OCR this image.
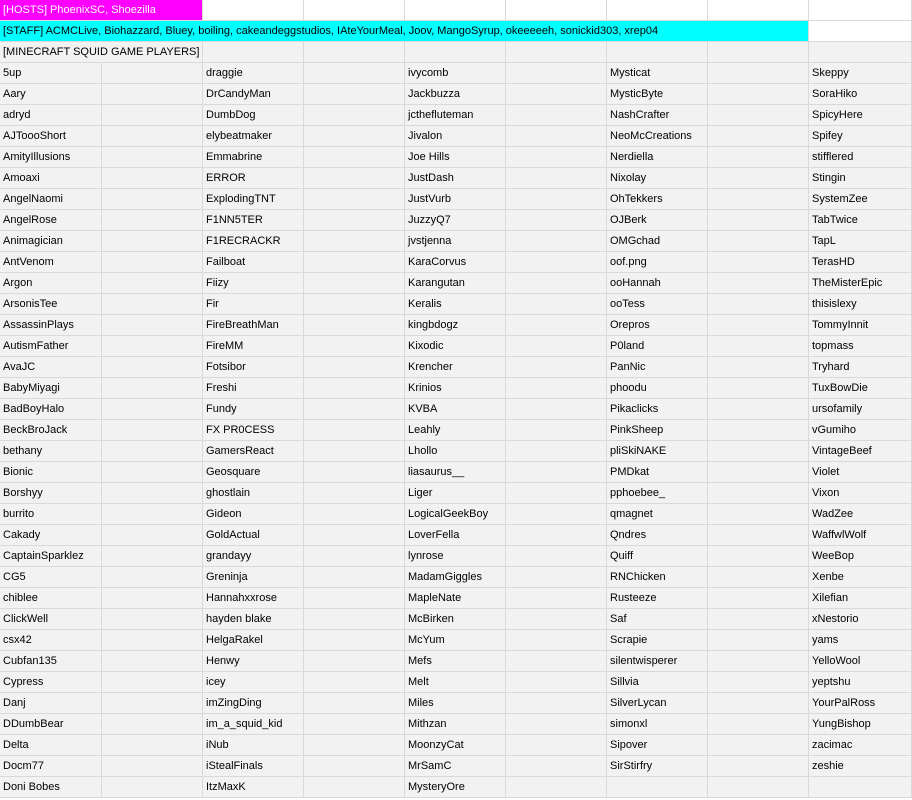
[HOSTS] PhoenixSC, Shoezilla
[STAFF] ACMCLive, Biohazzard, Bluey, boiling, cakeandeggstudios, IAteYourMeal, Joov, MangoSyrup, okeeeeeh, sonickid303, xrep04
[MINECRAFT SQUID GAME PLAYERS]
5up	draggie	ivycomb	Mysticat	Skeppy
Aary	DrCandyMan	Jackbuzza	MysticByte	SoraHiko
adryd	DumbDog	jctheflutеman	NashCrafter	SpicyHere
AJToooShort	elybeatmaker	Jivalon	NeoMcCreations	Spifey
AmityIllusions	Emmabrine	Joe Hills	Nerdiella	stifflered
Amoaxi	ERROR	JustDash	Nixolay	Stingin
AngelNaomi	ExplodingTNT	JustVurb	OhTekkers	SystemZee
AngelRose	F1NN5TER	JuzzyQ7	OJBerk	TabTwice
Animagician	F1RECRACKR	jvstjenna	OMGchad	TapL
AntVenom	Failboat	KaraCorvus	oof.png	TerasHD
Argon	Fiizy	Karangutan	ooHannah	TheMisterEpic
ArsonisTee	Fir	Keralis	ooTess	thisislexy
AssassinPlays	FireBreathMan	kingbdogz	Orepros	TommyInnit
AutismFather	FireMM	Kixodic	P0land	topmass
AvaJC	Fotsibor	Krencher	PanNic	Tryhard
BabyMiyagi	Freshi	Krinios	phoodu	TuxBowDie
BadBoyHalo	Fundy	KVBA	Pikaclicks	ursofamily
BeckBroJack	FX PR0CESS	Leahly	PinkSheep	vGumiho
bethany	GamersReact	Lhollo	pliSkiNAKE	VintageBeef
Bionic	Geosquare	liasaurus__	PMDkat	Violet
Borshyy	ghostlain	Liger	pphoebee_	Vixon
burrito	Gideon	LogicalGeekBoy	qmagnet	WadZee
Cakady	GoldActual	LoverFella	Qndres	WaffwlWolf
CaptainSparklez	grandayy	lynrose	Quiff	WeeBop
CG5	Greninja	MadamGiggles	RNChicken	Xenbe
chiblee	Hannahxxrose	MapleNate	Rusteeze	Xilefian
ClickWell	hayden blake	McBirken	Saf	xNestorio
csx42	HelgaRakel	McYum	Scrapie	yams
Cubfan135	Henwy	Mefs	silentwisperer	YelloWool
Cypress	icey	Melt	Sillvia	yeptshu
Danj	imZingDing	Miles	SilverLycan	YourPalRoss
DDumbBear	im_a_squid_kid	Mithzan	simonxl	YungBishop
Delta	iNub	MoonzyCat	Sipover	zacimac
Docm77	iStealFinals	MrSamC	SirStirfry	zeshie
Doni Bobes	ItzMaxK	MysteryOre
